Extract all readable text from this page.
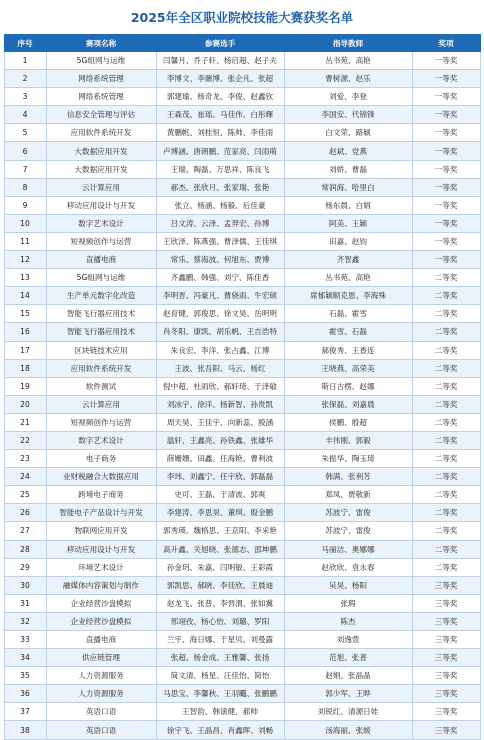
2025年全区职业院校技能大赛获奖名单
序号	赛项名称	参赛选手	指导教师	奖项
1	5G组网与运维	闫馨月、乔子轩、杨启超、赵子夫	丛书苑、高艳	一等奖
2	网络系统管理	李博文、李薇博、张企凡、张超	曹树源、赵乐	一等奖
3	网络系统管理	郭建瑜、杨奇龙、李俊、赵鑫钦	刘爱、李登	一等奖
4	信息安全管理与评估	王森茂、崔瑶、马佳伟、白彤輝	李国安、代锦锋	一等奖
5	应用软件系统开发	黄鹏帆、刘桂恒、陈帅、李佳雨	白文荣、路颖	一等奖
6	大数据应用开发	卢博涵、唐朗鹏、范家亮、闫雨萌	赵斌、党燕	一等奖
7	大数据应用开发	王瑞、陶磊、万思祥、陈良飞	刘娇、曹磊	一等奖
8	云计算应用	郝杰、张欣月、张家瑞、张艳	常润海、哈里白	一等奖
9	移动应用设计与开发	张立、杨涵、杨毅、后佳豪	杨东晨、白娟	一等奖
10	数字艺术设计	吕文涛、云泽、孟羿宏、孙博	阿美、王颖	一等奖
11	短视频创作与运营	王欣泽、陈燕强、曹泽儒、王佳琪	田嘉、赵钧	一等奖
12	直播电商	常乐、蔡海波、何旭东、贾博	齐智鑫	一等奖
13	5G组网与运维	齐鑫鹏、韩强、刘宁、陈佳香	丛书苑、高艳	二等奖
14	生产单元数字化改造	李明晋、冯豪凡、曹骁雨、牛宏硕	席郁颖顺克恩、李海殊	二等奖
15	智能飞行器应用技术	赵育健、郭俊思、徐文昊、岳明明	石磊、霍雪	二等奖
16	智能飞行器应用技术	肖冬阳、康凯、胡乐帆、王吉浩特	霍雪、石磊	二等奖
17	区块链技术应用	朱良宏、李洋、张占鑫、江博	郝俊秀、王香连	二等奖
18	应用软件系统开发	王波、张吾阳、马云、杨红	王晓燕、高荣美	二等奖
19	软件测试	倪中超、杜雨欣、郝轩琦、于泽敏	斯日古楞、赵娜	二等奖
20	云计算应用	刘冰宇、徐洋、杨新智、孙贵凯	张保磊、刘嘉晨	二等奖
21	短视频创作与运营	周天昊、王佳宇、向新蕊、殷涵	侯鹏、殷超	二等奖
22	数字艺术设计	温轩、王鑫亮、孙铁鑫、张雄华	丰伟刚、郭毅	二等奖
23	电子商务	薛姗姗、田鑫、任海艳、曹利波	朱振华、陶玉琦	二等奖
24	业财税融合大数据应用	李玮、刘鑫宁、任宇欣、郭磊磊	韩满、张利芳	二等奖
25	跨境电子商务	史可、王磊、于清波、郭爽	郑凤、贾敬新	二等奖
26	智能电子产品设计与开发	李建涛、李思昊、董琪、殷金鹏	苏波宁、雷俊	二等奖
27	物联网应用开发	郭秀瑛、魏格思、王京阳、李采艳	苏波宁、雷俊	二等奖
28	移动应用设计与开发	高升鑫、关旭晓、张德志、邵坤鹏	马丽洁、奥娜娜	二等奖
29	环境艺术设计	孙金玥、朱嘉、闫明敏、王彩霞	赵欣欣、袁永春	二等奖
30	融媒体内容策划与制作	郭凯思、郝晓、李佳欣、王晨迪	吴昊、杨阳	三等奖
31	企业经营沙盘模拟	赵龙飞、张普、李晋渭、张如冀	张瑕	三等奖
32	企业经营沙盘模拟	邢翊孜、杨心怡、刘璐、罗阳	陈杰	三等奖
33	直播电商	兰宇、海日娜、于星贝、刘曼露	刘逸萱	三等奖
34	供应链管理	张超、杨金成、王雅馨、张扬	范旭、张普	三等奖
35	人力资源服务	简文清、杨星、汪佳怡、简怡	赵娟、张晶晶	三等奖
36	人力资源服务	马思宝、李馨秋、王羽颺、张鹏鹏	郭少军、王晔	三等奖
37	英语口语	王智韵、韩演健、郝帅	刘锐红、清源日娃	三等奖
38	英语口语	徐宇飞、王晶昌、肖鑫晖、刘畅	汤海丽、张媛	三等奖
